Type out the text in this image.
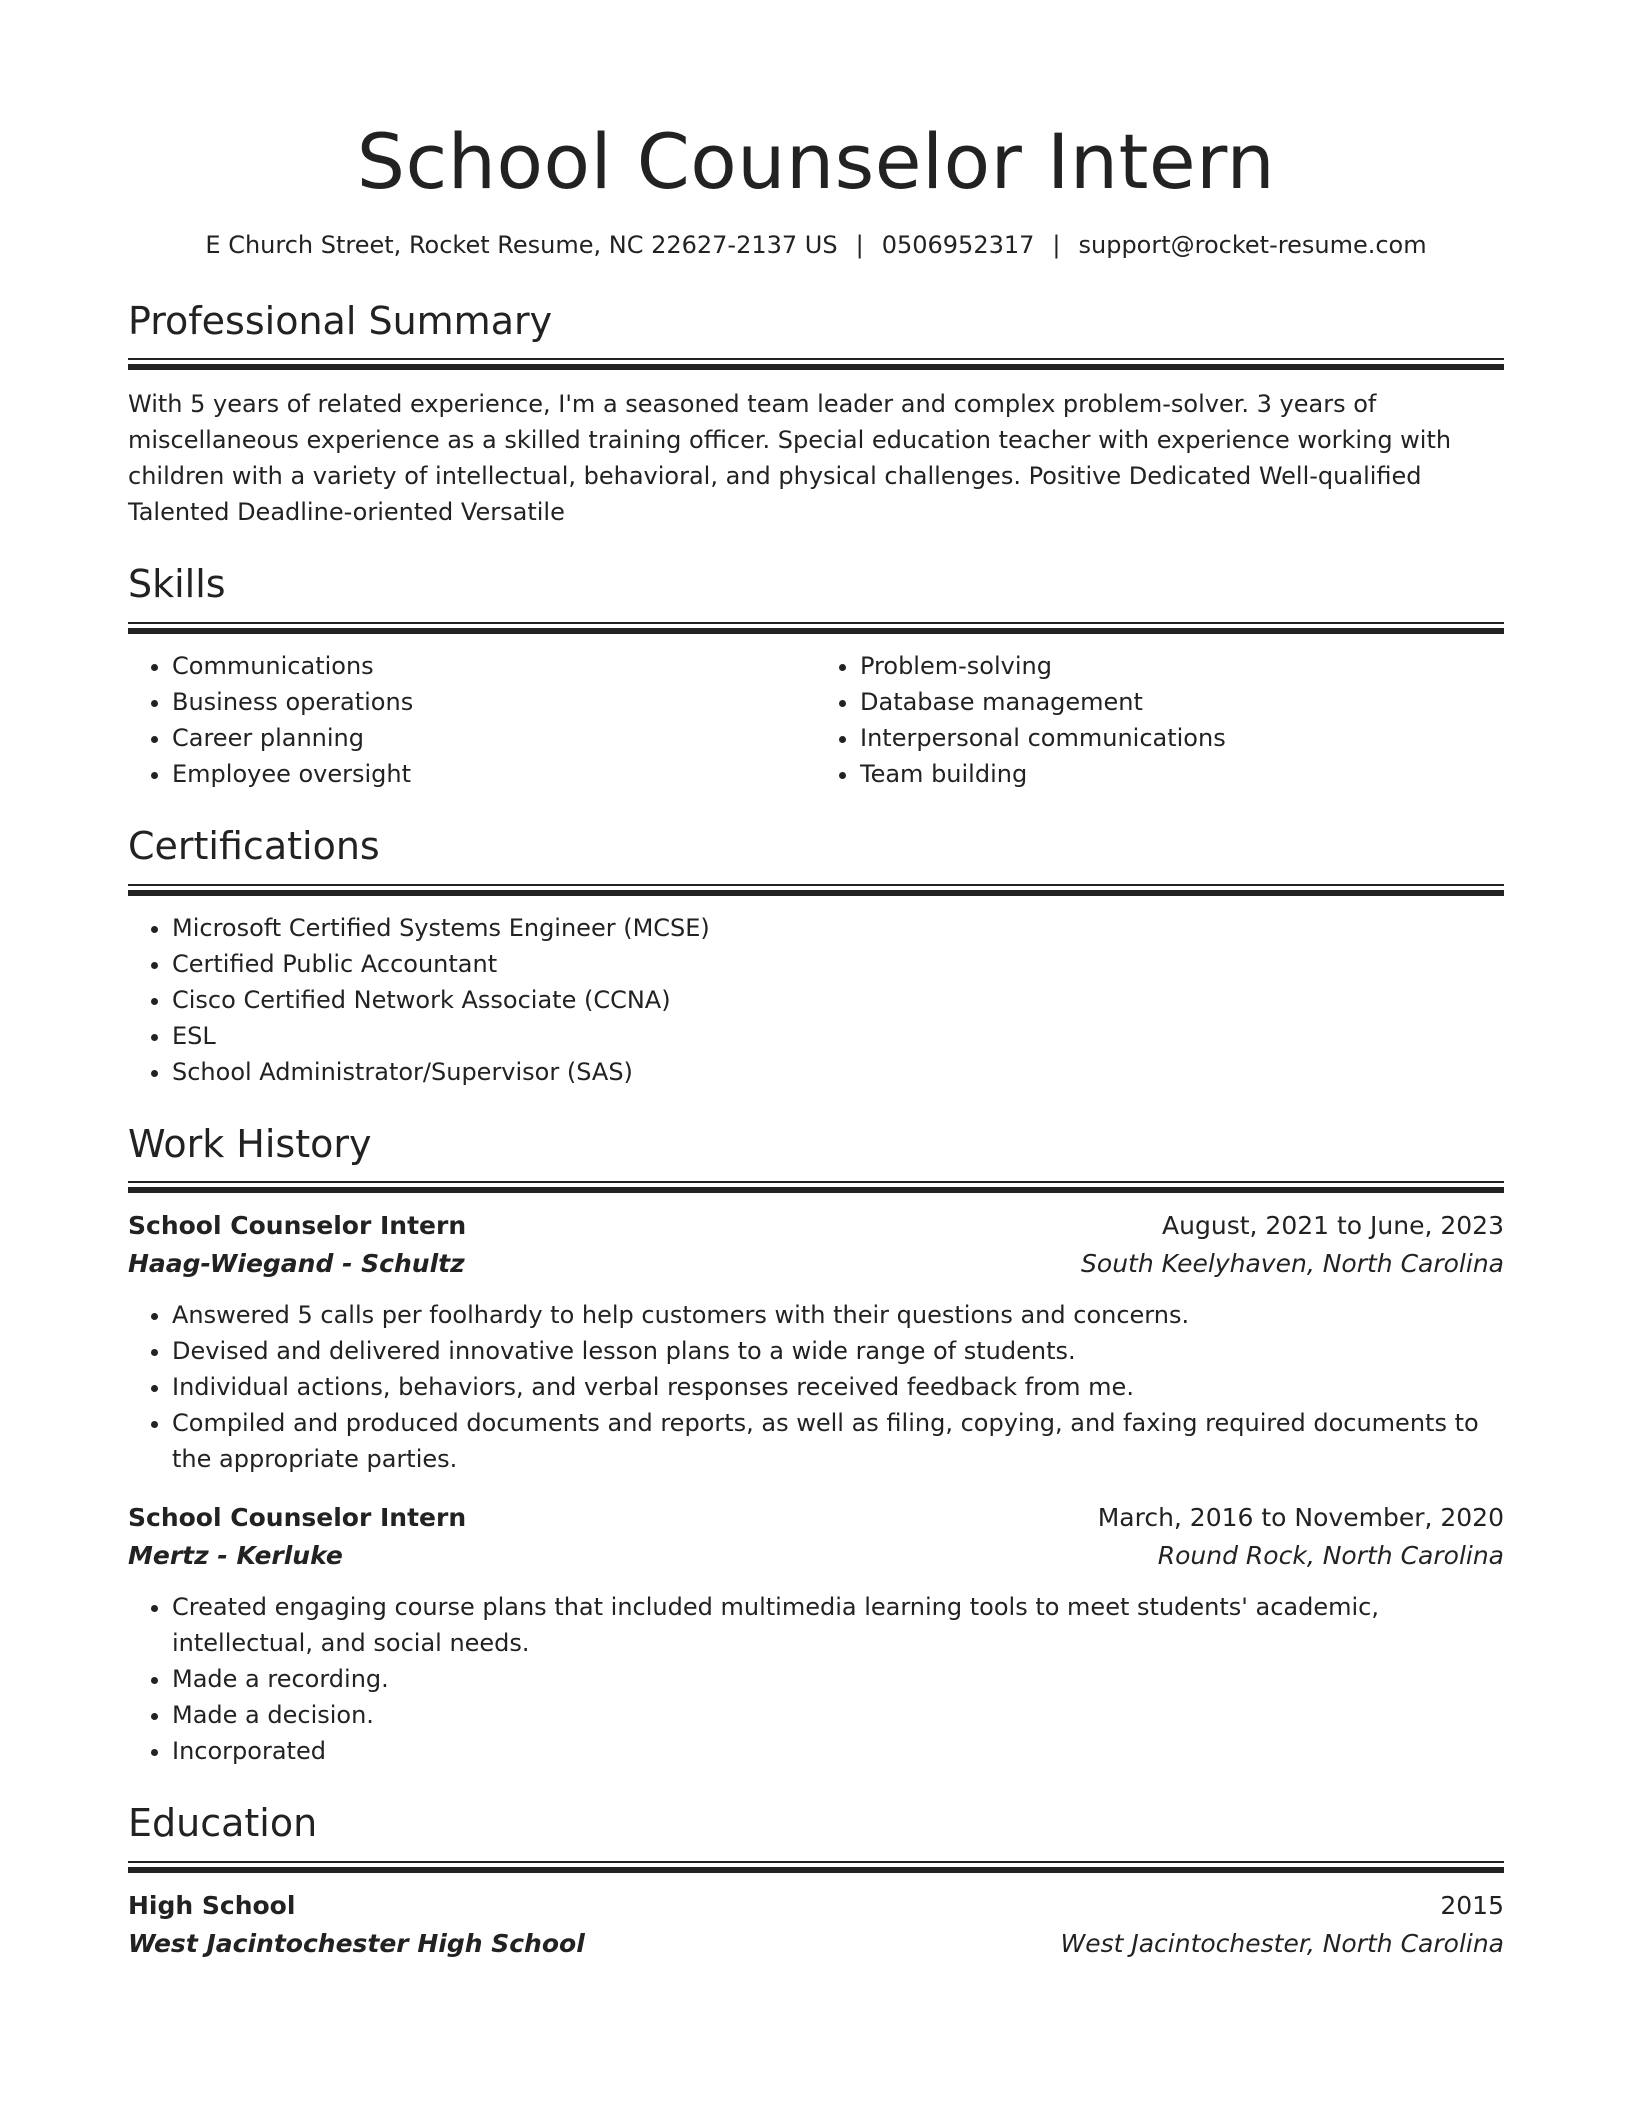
School Counselor Intern
E Church Street, Rocket Resume, NC 22627-2137 US | 0506952317 | support@rocket-resume.com
Professional Summary
With 5 years of related experience, I'm a seasoned team leader and complex problem-solver. 3 years of miscellaneous experience as a skilled training officer. Special education teacher with experience working with children with a variety of intellectual, behavioral, and physical challenges. Positive Dedicated Well-qualified Talented Deadline-oriented Versatile
Skills
• Communications
• Business operations
• Career planning
• Employee oversight
• Problem-solving
• Database management
• Interpersonal communications
• Team building
Certifications
• Microsoft Certified Systems Engineer (MCSE)
• Certified Public Accountant
• Cisco Certified Network Associate (CCNA)
• ESL
• School Administrator/Supervisor (SAS)
Work History
School Counselor Intern	August, 2021 to June, 2023
Haag-Wiegand - Schultz	South Keelyhaven, North Carolina
• Answered 5 calls per foolhardy to help customers with their questions and concerns.
• Devised and delivered innovative lesson plans to a wide range of students.
• Individual actions, behaviors, and verbal responses received feedback from me.
• Compiled and produced documents and reports, as well as filing, copying, and faxing required documents to the appropriate parties.
School Counselor Intern	March, 2016 to November, 2020
Mertz - Kerluke	Round Rock, North Carolina
• Created engaging course plans that included multimedia learning tools to meet students' academic, intellectual, and social needs.
• Made a recording.
• Made a decision.
• Incorporated
Education
High School	2015
West Jacintochester High School	West Jacintochester, North Carolina
